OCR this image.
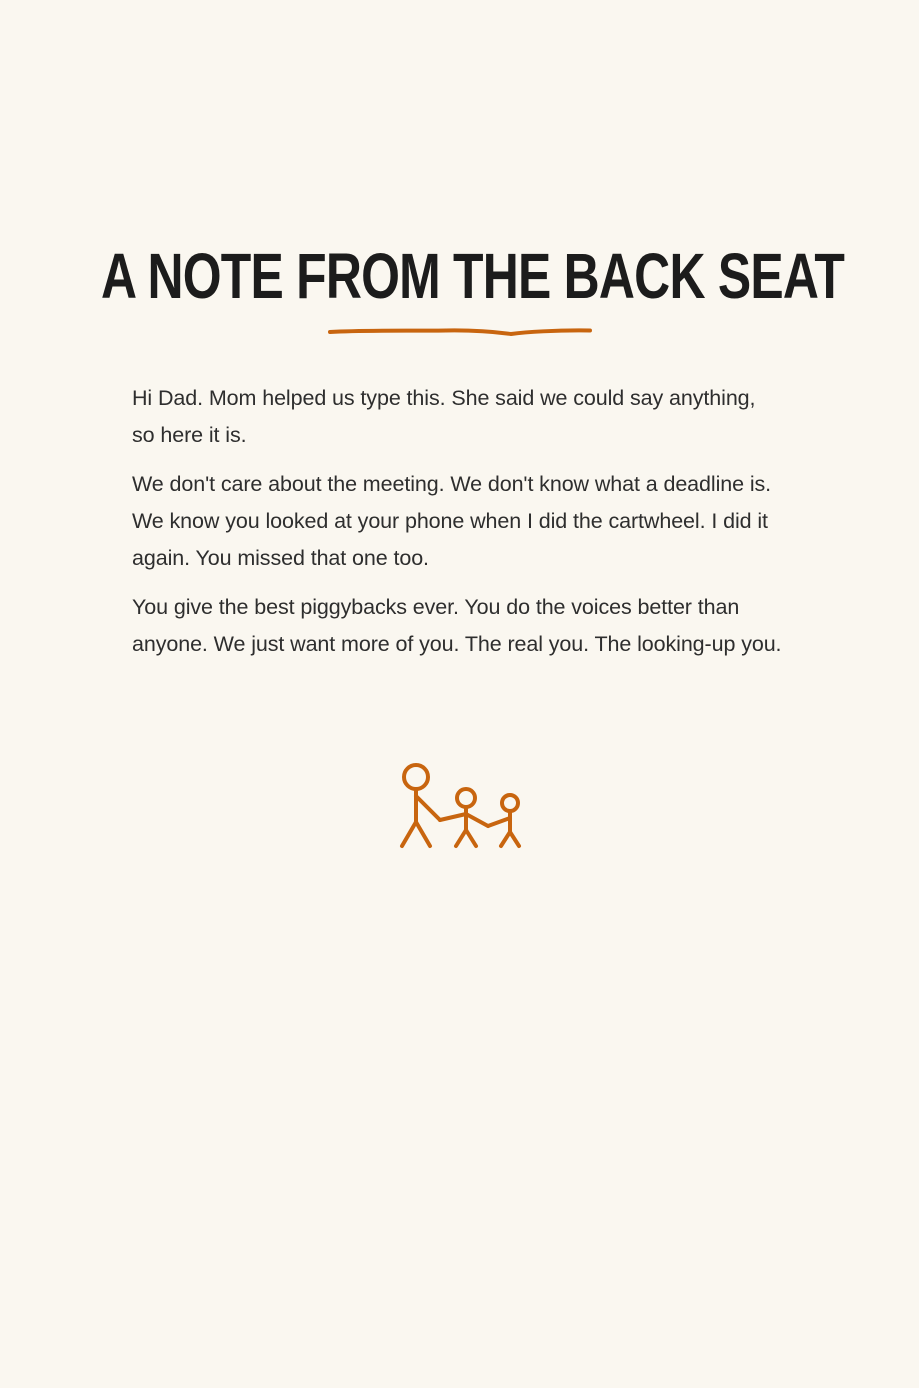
A NOTE FROM THE BACK SEAT

Hi Dad. Mom helped us type this. She said we could say anything, so here it is.

We don't care about the meeting. We don't know what a deadline is. We know you looked at your phone when I did the cartwheel. I did it again. You missed that one too.

You give the best piggybacks ever. You do the voices better than anyone. We just want more of you. The real you. The looking-up you.
